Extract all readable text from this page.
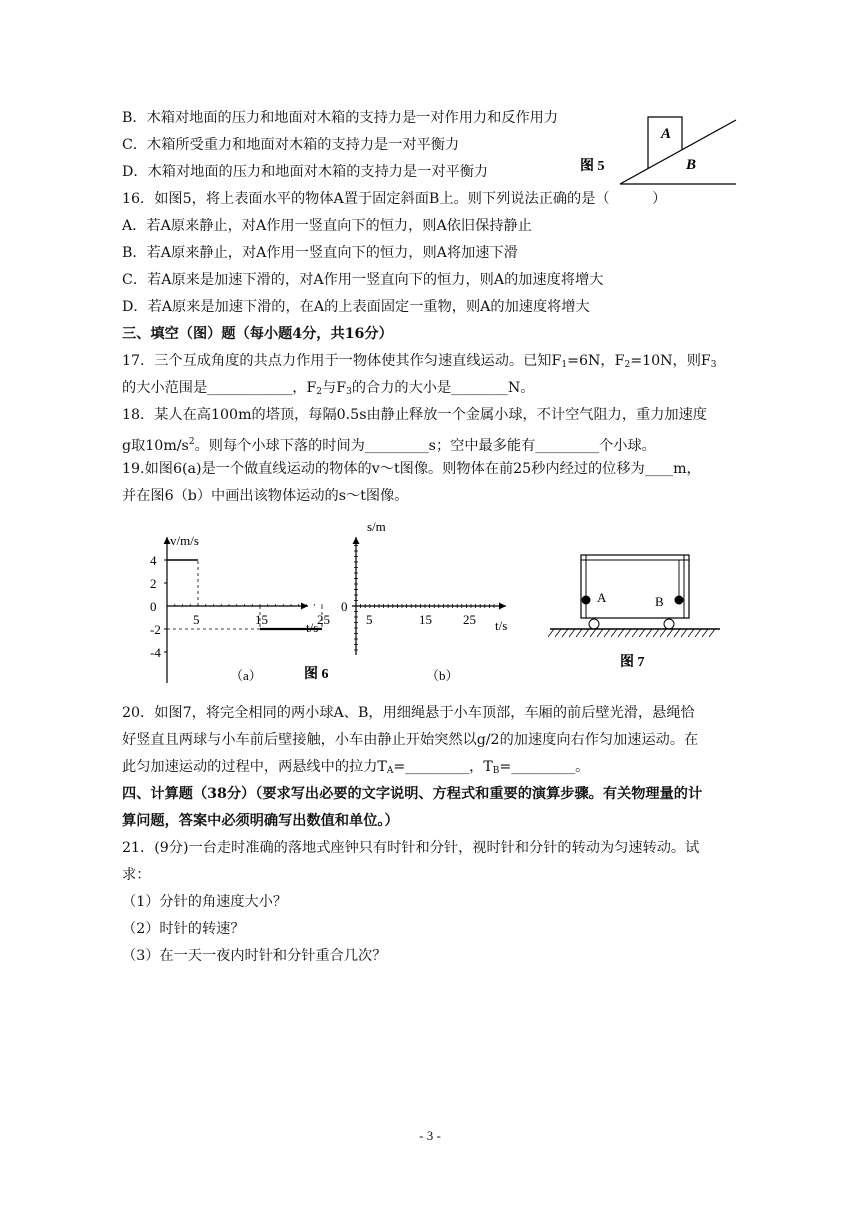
B．木箱对地面的压力和地面对木箱的支持力是一对作用力和反作用力
C．木箱所受重力和地面对木箱的支持力是一对平衡力
D．木箱对地面的压力和地面对木箱的支持力是一对平衡力
16．如图5，将上表面水平的物体A置于固定斜面B上。则下列说法正确的是（　　　）
A．若A原来静止，对A作用一竖直向下的恒力，则A依旧保持静止
B．若A原来静止，对A作用一竖直向下的恒力，则A将加速下滑
C．若A原来是加速下滑的，对A作用一竖直向下的恒力，则A的加速度将增大
D．若A原来是加速下滑的，在A的上表面固定一重物，则A的加速度将增大
三、填空（图）题（每小题4分，共16分）
17．三个互成角度的共点力作用于一物体使其作匀速直线运动。已知$F_1=6N$，$F_2=10N$，则$F_3$
的大小范围是____________，$F_2$与$F_3$的合力的大小是________N。
18．某人在高100m的塔顶，每隔0.5s由静止释放一个金属小球，不计空气阻力，重力加速度
g取$10m/s^2$。则每个小球下落的时间为_________s；空中最多能有_________个小球。
19.如图6(a)是一个做直线运动的物体的v～t图像。则物体在前25秒内经过的位移为____m，
并在图6（b）中画出该物体运动的s～t图像。
20．如图7，将完全相同的两小球A、B，用细绳悬于小车顶部，车厢的前后壁光滑，悬绳恰
好竖直且两球与小车前后壁接触，小车由静止开始突然以g/2的加速度向右作匀加速运动。在
此匀加速运动的过程中，两悬线中的拉力$T_A=\_\_\_\_\_\_\_\_\_$，$T_B=\_\_\_\_\_\_\_\_\_$。
四、计算题（38分）（要求写出必要的文字说明、方程式和重要的演算步骤。有关物理量的计
算问题，答案中必须明确写出数值和单位。）
21．(9分)一台走时准确的落地式座钟只有时针和分针，视时针和分针的转动为匀速转动。试
求：
（1）分针的角速度大小？
（2）时针的转速？
（3）在一天一夜内时针和分针重合几次？
A
B
图 5
v/m/s
t/s
4
2
0
-2
-4
5	15	25
（a）	图 6
s/m
t/s
0
5	15 25
（b）
A	B
图 7
- 3 -
